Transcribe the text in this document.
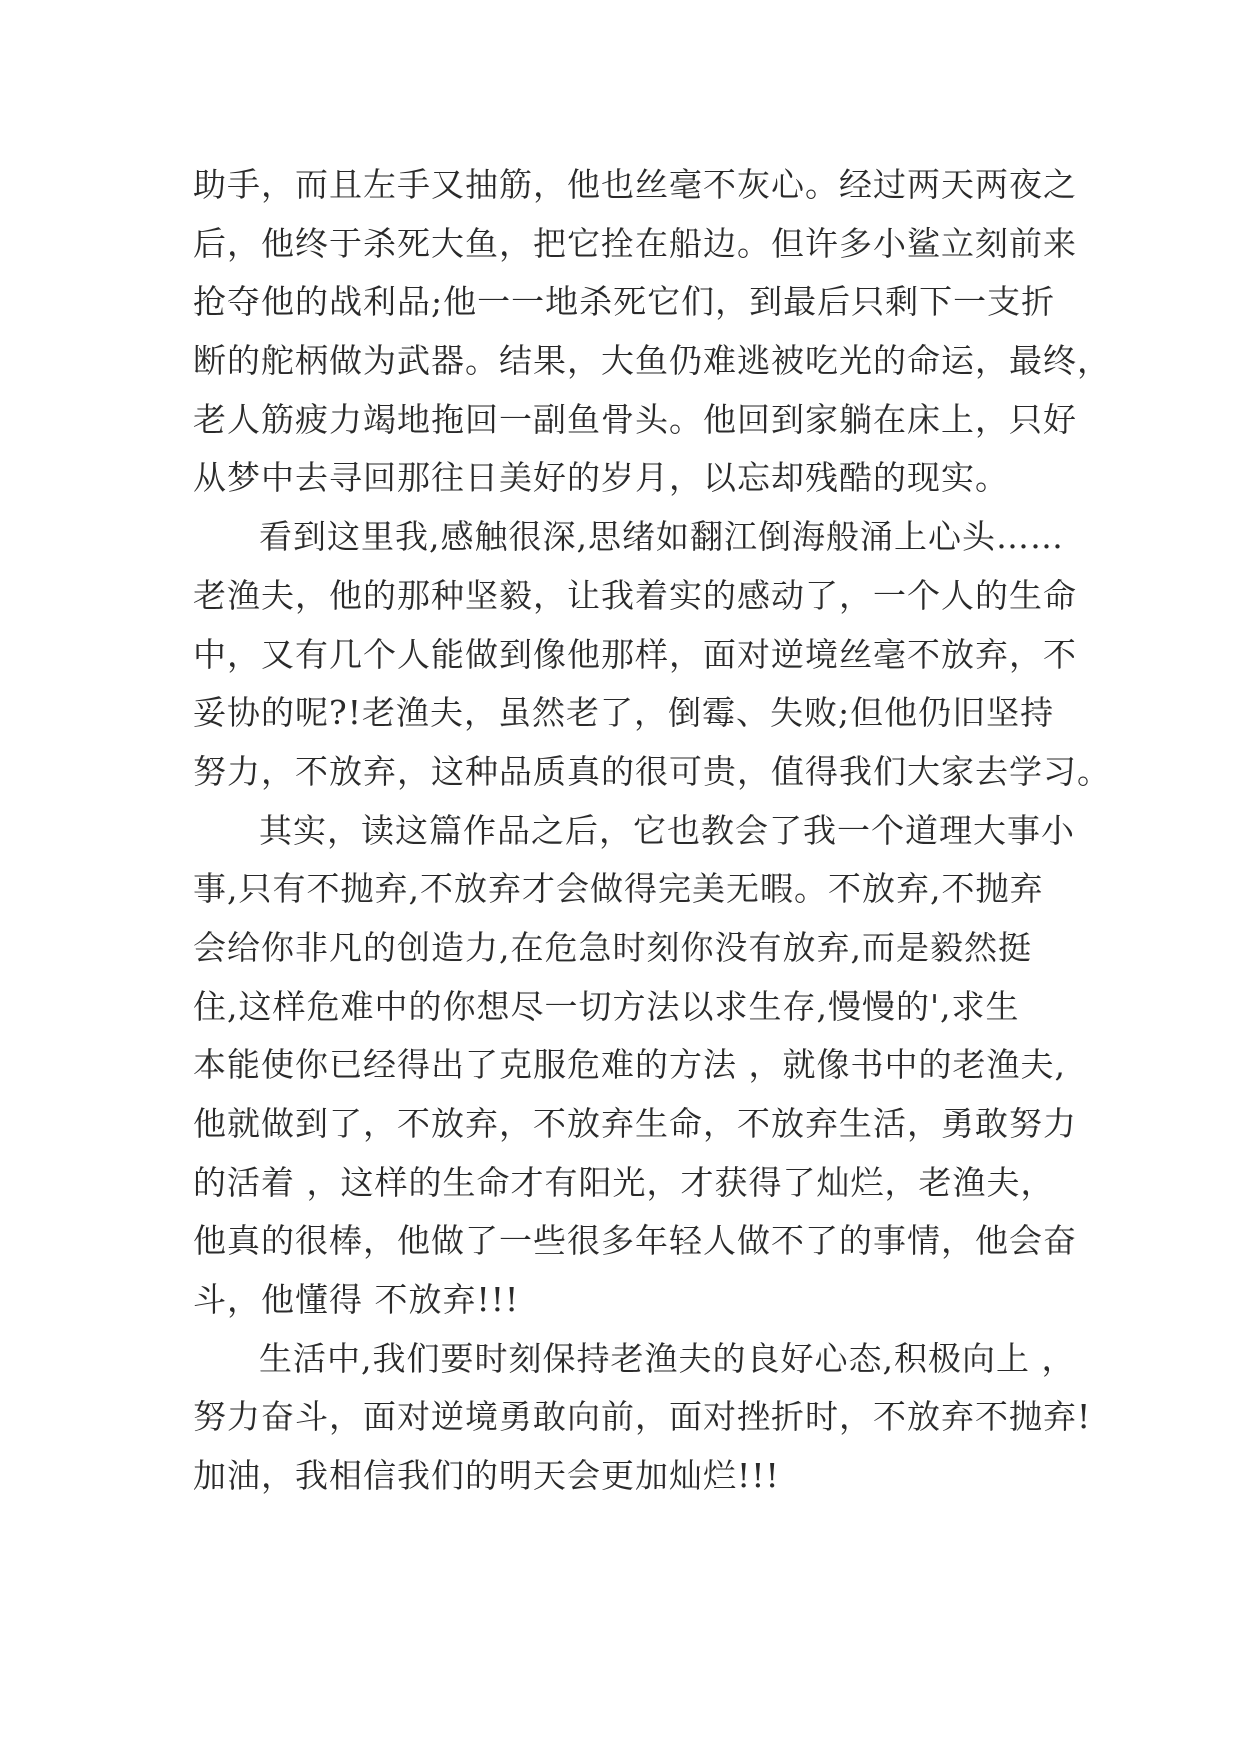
助手，而且左手又抽筋，他也丝毫不灰心。经过两天两夜之
后，他终于杀死大鱼，把它拴在船边。但许多小鲨立刻前来
抢夺他的战利品;他一一地杀死它们，到最后只剩下一支折
断的舵柄做为武器。结果，大鱼仍难逃被吃光的命运，最终，
老人筋疲力竭地拖回一副鱼骨头。他回到家躺在床上，只好
从梦中去寻回那往日美好的岁月，以忘却残酷的现实。
看到这里我,感触很深,思绪如翻江倒海般涌上心头……
老渔夫，他的那种坚毅，让我着实的感动了，一个人的生命
中，又有几个人能做到像他那样，面对逆境丝毫不放弃，不
妥协的呢?!老渔夫，虽然老了，倒霉、失败;但他仍旧坚持
努力，不放弃，这种品质真的很可贵，值得我们大家去学习。
其实，读这篇作品之后，它也教会了我一个道理大事小
事,只有不抛弃,不放弃才会做得完美无暇。不放弃,不抛弃
会给你非凡的创造力,在危急时刻你没有放弃,而是毅然挺
住,这样危难中的你想尽一切方法以求生存,慢慢的',求生
本能使你已经得出了克服危难的方法 ，就像书中的老渔夫,
他就做到了，不放弃，不放弃生命，不放弃生活，勇敢努力
的活着 ，这样的生命才有阳光，才获得了灿烂，老渔夫，
他真的很棒，他做了一些很多年轻人做不了的事情，他会奋
斗，他懂得 不放弃!!!
生活中,我们要时刻保持老渔夫的良好心态,积极向上 ，
努力奋斗，面对逆境勇敢向前，面对挫折时，不放弃不抛弃!
加油，我相信我们的明天会更加灿烂!!!
